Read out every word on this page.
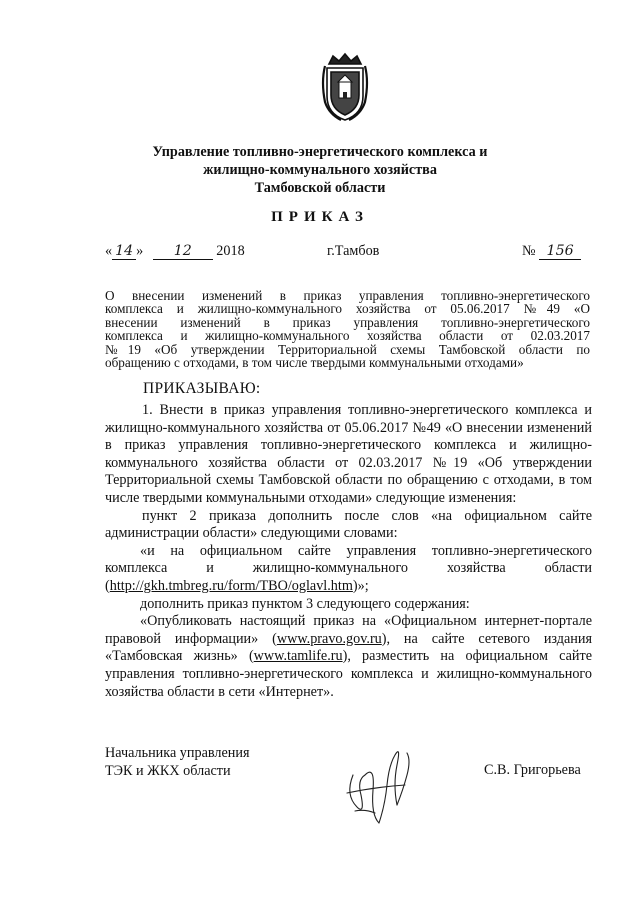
Управление топливно-энергетического комплекса и
жилищно-коммунального хозяйства
Тамбовской области
ПРИКАЗ
« 14 » 12 2018	г.Тамбов	№ 156
О внесении изменений в приказ управления топливно-энергетического
комплекса и жилищно-коммунального хозяйства от 05.06.2017 №49 «О
внесении изменений в приказ управления топливно-энергетического
комплекса и жилищно-коммунального хозяйства области от 02.03.2017
№19 «Об утверждении Территориальной схемы Тамбовской области по
обращению с отходами, в том числе твердыми коммунальными отходами»
ПРИКАЗЫВАЮ:

1. Внести в приказ управления топливно-энергетического комплекса и жилищно-коммунального хозяйства от 05.06.2017 №49 «О внесении изменений в приказ управления топливно-энергетического комплекса и жилищно-коммунального хозяйства области от 02.03.2017 №19 «Об утверждении Территориальной схемы Тамбовской области по обращению с отходами, в том числе твердыми коммунальными отходами» следующие изменения:

пункт 2 приказа дополнить после слов «на официальном сайте администрации области» следующими словами:

«и на официальном сайте управления топливно-энергетического комплекса и жилищно-коммунального хозяйства области (http://gkh.tmbreg.ru/form/TBO/oglavl.htm)»;

дополнить приказ пунктом 3 следующего содержания:

«Опубликовать настоящий приказ на «Официальном интернет-портале правовой информации» (www.pravo.gov.ru), на сайте сетевого издания «Тамбовская жизнь» (www.tamlife.ru), разместить на официальном сайте управления топливно-энергетического комплекса и жилищно-коммунального хозяйства области в сети «Интернет».

Начальника управления
ТЭК и ЖКХ области	С.В. Григорьева
